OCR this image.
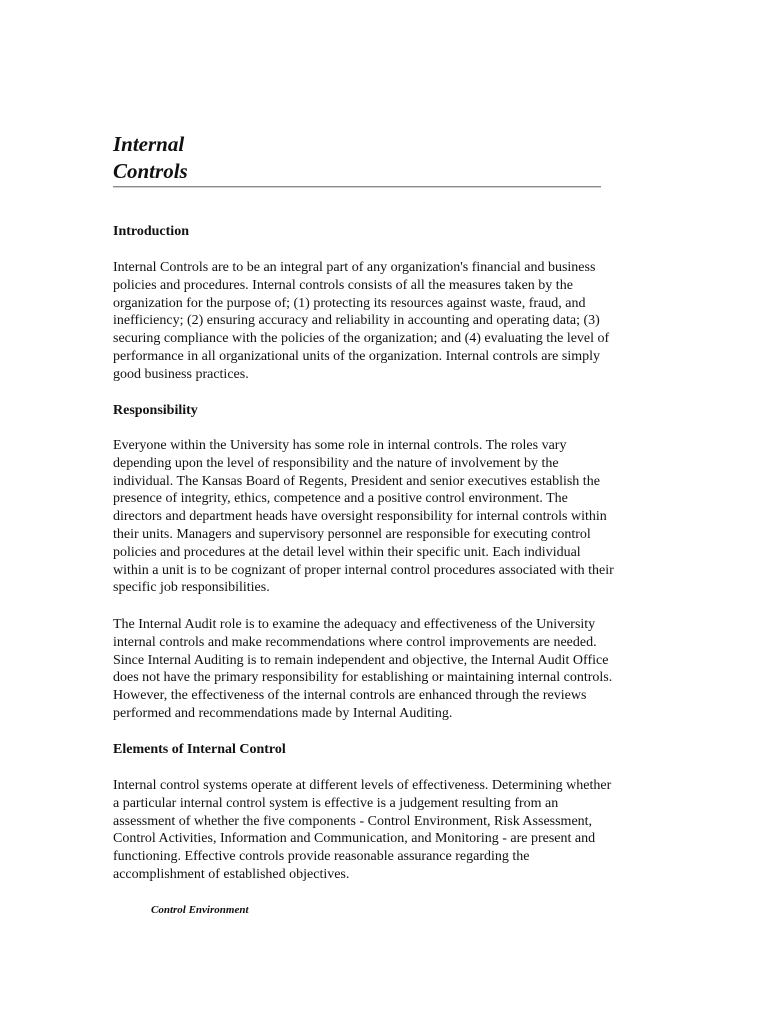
Internal
Controls
Introduction

Internal Controls are to be an integral part of any organization's financial and business
policies and procedures. Internal controls consists of all the measures taken by the
organization for the purpose of; (1) protecting its resources against waste, fraud, and
inefficiency; (2) ensuring accuracy and reliability in accounting and operating data; (3)
securing compliance with the policies of the organization; and (4) evaluating the level of
performance in all organizational units of the organization. Internal controls are simply
good business practices.

Responsibility

Everyone within the University has some role in internal controls. The roles vary
depending upon the level of responsibility and the nature of involvement by the
individual. The Kansas Board of Regents, President and senior executives establish the
presence of integrity, ethics, competence and a positive control environment. The
directors and department heads have oversight responsibility for internal controls within
their units. Managers and supervisory personnel are responsible for executing control
policies and procedures at the detail level within their specific unit. Each individual
within a unit is to be cognizant of proper internal control procedures associated with their
specific job responsibilities.

The Internal Audit role is to examine the adequacy and effectiveness of the University
internal controls and make recommendations where control improvements are needed.
Since Internal Auditing is to remain independent and objective, the Internal Audit Office
does not have the primary responsibility for establishing or maintaining internal controls.
However, the effectiveness of the internal controls are enhanced through the reviews
performed and recommendations made by Internal Auditing.

Elements of Internal Control

Internal control systems operate at different levels of effectiveness. Determining whether
a particular internal control system is effective is a judgement resulting from an
assessment of whether the five components - Control Environment, Risk Assessment,
Control Activities, Information and Communication, and Monitoring - are present and
functioning. Effective controls provide reasonable assurance regarding the
accomplishment of established objectives.

Control Environment
